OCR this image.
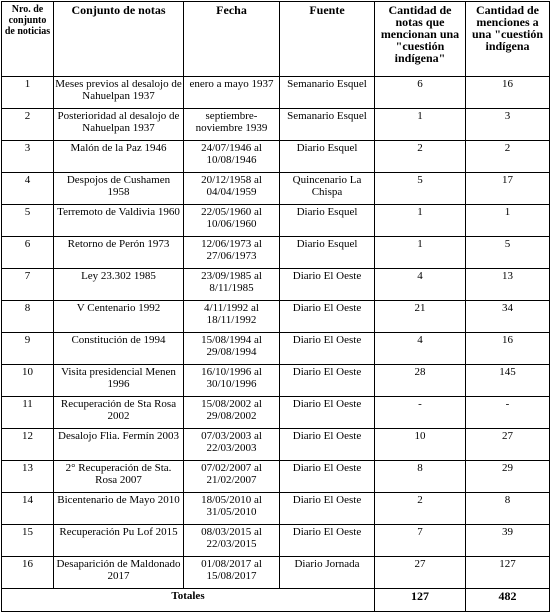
Nro. de conjunto de noticias	Conjunto de notas	Fecha	Fuente	Cantidad de notas que mencionan una "cuestión indígena"	Cantidad de menciones a una "cuestión indígena
1	Meses previos al desalojo de Nahuelpan 1937	enero a mayo 1937	Semanario Esquel	6	16
2	Posterioridad al desalojo de Nahuelpan 1937	septiembre-noviembre 1939	Semanario Esquel	1	3
3	Malón de la Paz 1946	24/07/1946 al 10/08/1946	Diario Esquel	2	2
4	Despojos de Cushamen 1958	20/12/1958 al 04/04/1959	Quincenario La Chispa	5	17
5	Terremoto de Valdivia 1960	22/05/1960 al 10/06/1960	Diario Esquel	1	1
6	Retorno de Perón 1973	12/06/1973 al 27/06/1973	Diario Esquel	1	5
7	Ley 23.302 1985	23/09/1985 al 8/11/1985	Diario El Oeste	4	13
8	V Centenario 1992	4/11/1992 al 18/11/1992	Diario El Oeste	21	34
9	Constitución de 1994	15/08/1994 al 29/08/1994	Diario El Oeste	4	16
10	Visita presidencial Menen 1996	16/10/1996 al 30/10/1996	Diario El Oeste	28	145
11	Recuperación de Sta Rosa 2002	15/08/2002 al 29/08/2002	Diario El Oeste	-	-
12	Desalojo Flia. Fermín 2003	07/03/2003 al 22/03/2003	Diario El Oeste	10	27
13	2° Recuperación de Sta. Rosa 2007	07/02/2007 al 21/02/2007	Diario El Oeste	8	29
14	Bicentenario de Mayo 2010	18/05/2010 al 31/05/2010	Diario El Oeste	2	8
15	Recuperación Pu Lof 2015	08/03/2015 al 22/03/2015	Diario El Oeste	7	39
16	Desaparición de Maldonado 2017	01/08/2017 al 15/08/2017	Diario Jornada	27	127
Totales				127	482
